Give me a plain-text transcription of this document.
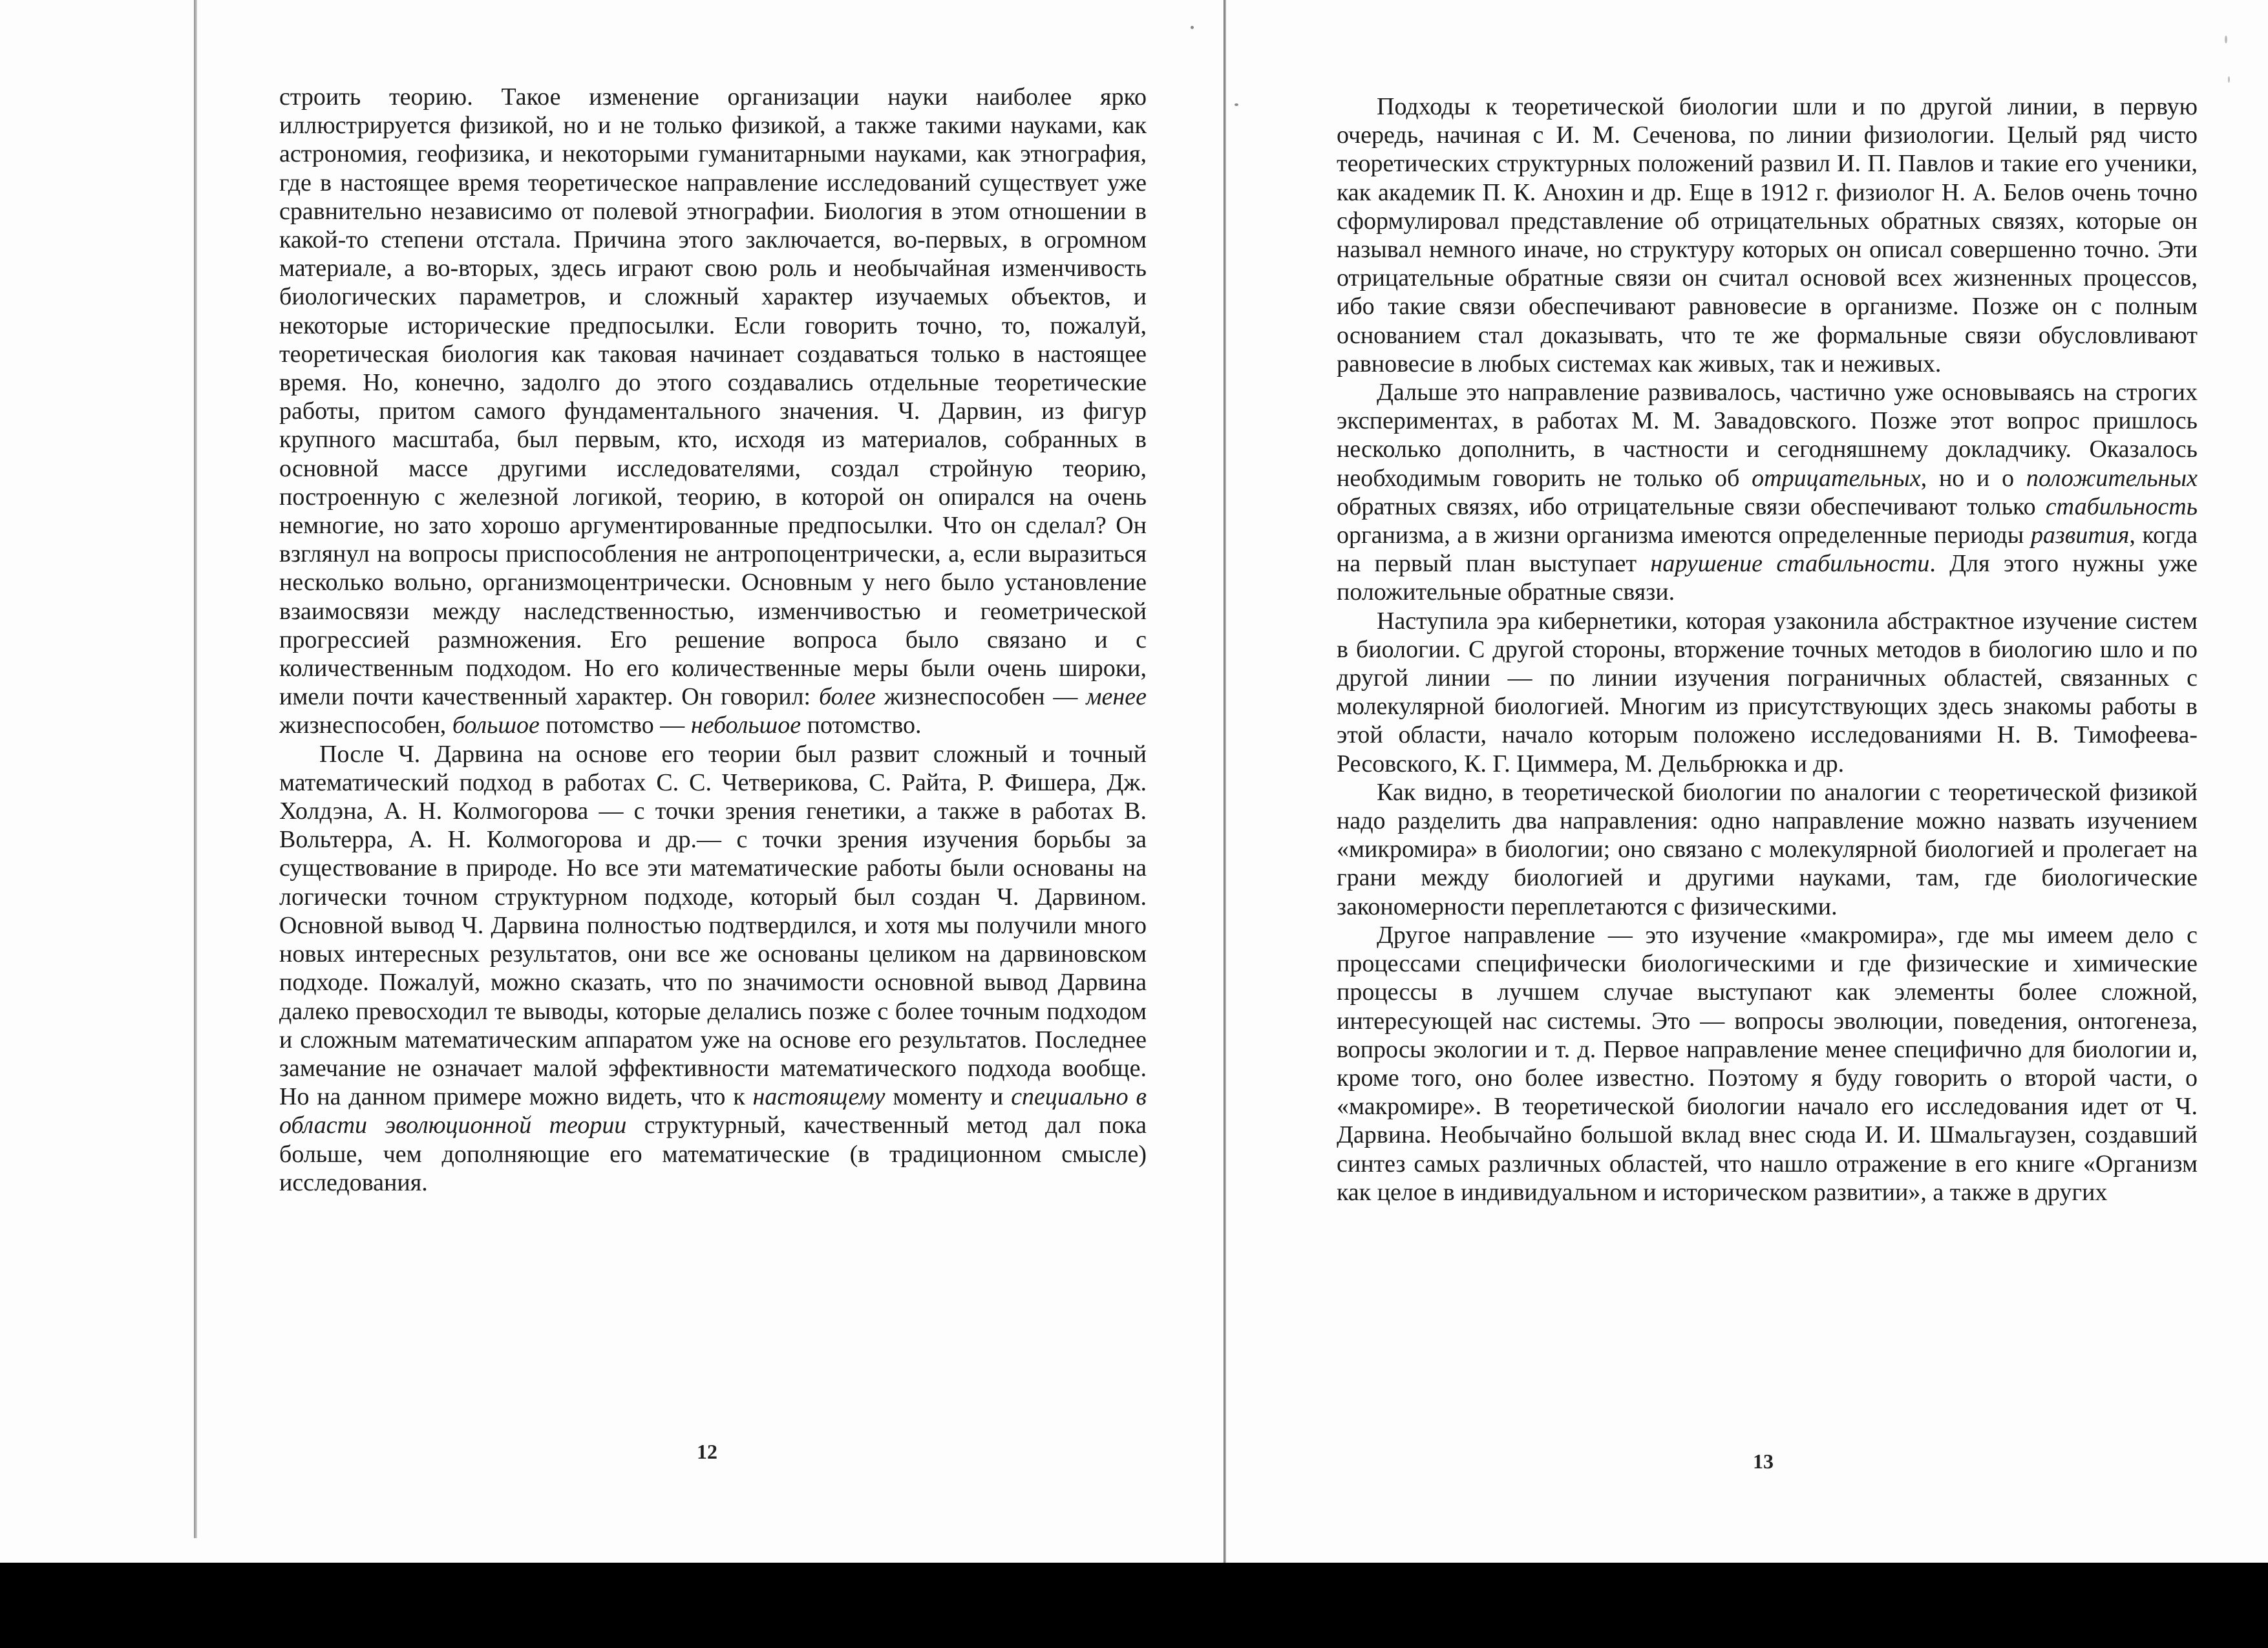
строить теорию. Такое изменение организации науки наиболее ярко иллюстрируется физикой, но и не только физикой, а также такими науками, как астрономия, геофизика, и некоторыми гуманитарными науками, как этнография, где в настоящее время теоретическое направление исследований существует уже сравнительно независимо от полевой этнографии. Биология в этом отношении в какой-то степени отстала. Причина этого заключается, во-первых, в огромном материале, а во-вторых, здесь играют свою роль и необычайная изменчивость биологических параметров, и сложный характер изучаемых объектов, и некоторые исторические предпосылки. Если говорить точно, то, пожалуй, теоретическая биология как таковая начинает создаваться только в настоящее время. Но, конечно, задолго до этого создавались отдельные теоретические работы, притом самого фундаментального значения. Ч. Дарвин, из фигур крупного масштаба, был первым, кто, исходя из материалов, собранных в основной массе другими исследователями, создал стройную теорию, построенную с железной логикой, теорию, в которой он опирался на очень немногие, но зато хорошо аргументированные предпосылки. Что он сделал? Он взглянул на вопросы приспособления не антропоцентрически, а, если выразиться несколько вольно, организмоцентрически. Основным у него было установление взаимосвязи между наследственностью, изменчивостью и геометрической прогрессией размножения. Его решение вопроса было связано и с количественным подходом. Но его количественные меры были очень широки, имели почти качественный характер. Он говорил: более жизнеспособен — менее жизнеспособен, большое потомство — небольшое потомство.

После Ч. Дарвина на основе его теории был развит сложный и точный математический подход в работах С. С. Четверикова, С. Райта, Р. Фишера, Дж. Холдэна, А. Н. Колмогорова — с точки зрения генетики, а также в работах В. Вольтерра, А. Н. Колмогорова и др.— с точки зрения изучения борьбы за существование в природе. Но все эти математические работы были основаны на логически точном структурном подходе, который был создан Ч. Дарвином. Основной вывод Ч. Дарвина полностью подтвердился, и хотя мы получили много новых интересных результатов, они все же основаны целиком на дарвиновском подходе. Пожалуй, можно сказать, что по значимости основной вывод Дарвина далеко превосходил те выводы, которые делались позже с более точным подходом и сложным математическим аппаратом уже на основе его результатов. Последнее замечание не означает малой эффективности математического подхода вообще. Но на данном примере можно видеть, что к настоящему моменту и специально в области эволюционной теории структурный, качественный метод дал пока больше, чем дополняющие его математические (в традиционном смысле) исследования.

12

Подходы к теоретической биологии шли и по другой линии, в первую очередь, начиная с И. М. Сеченова, по линии физиологии. Целый ряд чисто теоретических структурных положений развил И. П. Павлов и такие его ученики, как академик П. К. Анохин и др. Еще в 1912 г. физиолог Н. А. Белов очень точно сформулировал представление об отрицательных обратных связях, которые он называл немного иначе, но структуру которых он описал совершенно точно. Эти отрицательные обратные связи он считал основой всех жизненных процессов, ибо такие связи обеспечивают равновесие в организме. Позже он с полным основанием стал доказывать, что те же формальные связи обусловливают равновесие в любых системах как живых, так и неживых.

Дальше это направление развивалось, частично уже основываясь на строгих экспериментах, в работах М. М. Завадовского. Позже этот вопрос пришлось несколько дополнить, в частности и сегодняшнему докладчику. Оказалось необходимым говорить не только об отрицательных, но и о положительных обратных связях, ибо отрицательные связи обеспечивают только стабильность организма, а в жизни организма имеются определенные периоды развития, когда на первый план выступает нарушение стабильности. Для этого нужны уже положительные обратные связи.

Наступила эра кибернетики, которая узаконила абстрактное изучение систем в биологии. С другой стороны, вторжение точных методов в биологию шло и по другой линии — по линии изучения пограничных областей, связанных с молекулярной биологией. Многим из присутствующих здесь знакомы работы в этой области, начало которым положено исследованиями Н. В. Тимофеева-Ресовского, К. Г. Циммера, М. Дельбрюкка и др.

Как видно, в теоретической биологии по аналогии с теоретической физикой надо разделить два направления: одно направление можно назвать изучением «микромира» в биологии; оно связано с молекулярной биологией и пролегает на грани между биологией и другими науками, там, где биологические закономерности переплетаются с физическими.

Другое направление — это изучение «макромира», где мы имеем дело с процессами специфически биологическими и где физические и химические процессы в лучшем случае выступают как элементы более сложной, интересующей нас системы. Это — вопросы эволюции, поведения, онтогенеза, вопросы экологии и т. д. Первое направление менее специфично для биологии и, кроме того, оно более известно. Поэтому я буду говорить о второй части, о «макромире». В теоретической биологии начало его исследования идет от Ч. Дарвина. Необычайно большой вклад внес сюда И. И. Шмальгаузен, создавший синтез самых различных областей, что нашло отражение в его книге «Организм как целое в индивидуальном и историческом развитии», а также в других

13
